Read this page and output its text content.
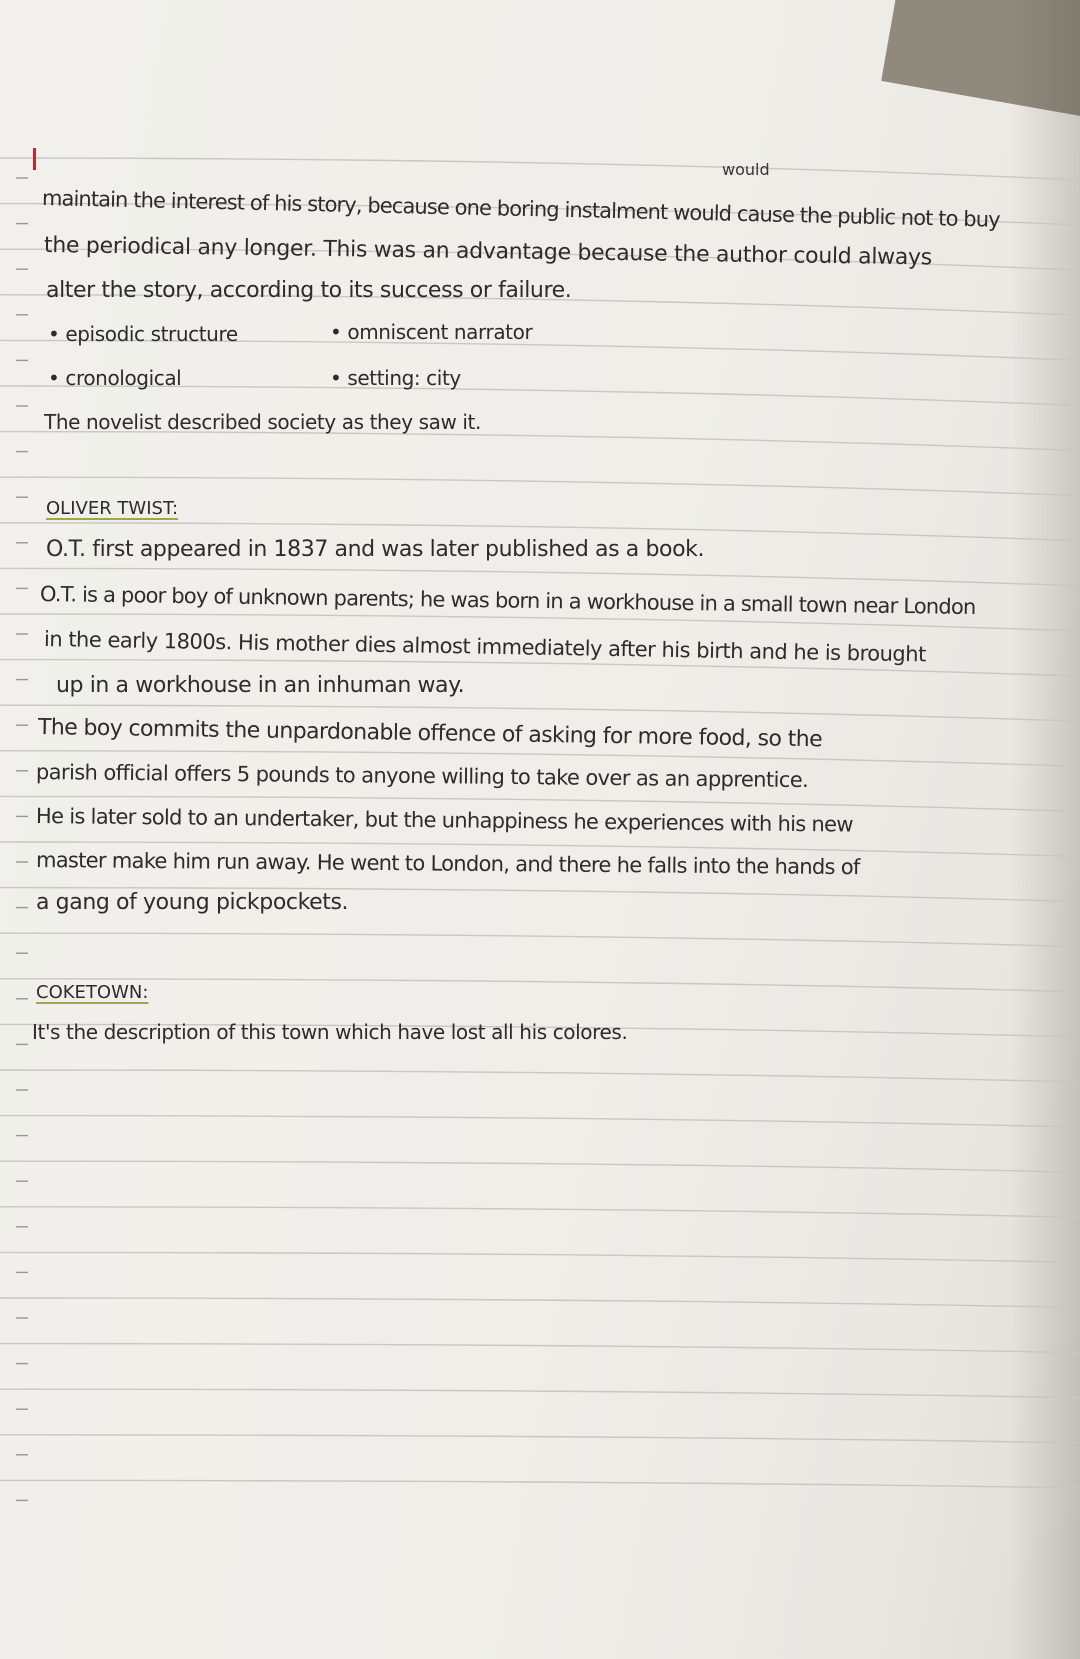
would

maintain the interest of his story, because one boring instalment would cause the public not to buy

the periodical any longer. This was an advantage because the author could always

alter the story, according to its success or failure.

• episodic structure	• omniscent narrator

• cronological	• setting: city

The novelist described society as they saw it.

OLIVER TWIST:

O.T. first appeared in 1837 and was later published as a book.

O.T. is a poor boy of unknown parents; he was born in a workhouse in a small town near London

in the early 1800s. His mother dies almost immediately after his birth and he is brought

up in a workhouse in an inhuman way.

The boy commits the unpardonable offence of asking for more food, so the

parish official offers 5 pounds to anyone willing to take over as an apprentice.

He is later sold to an undertaker, but the unhappiness he experiences with his new

master make him run away. He went to London, and there he falls into the hands of

a gang of young pickpockets.

COKETOWN:

It's the description of this town which have lost all his colores.
